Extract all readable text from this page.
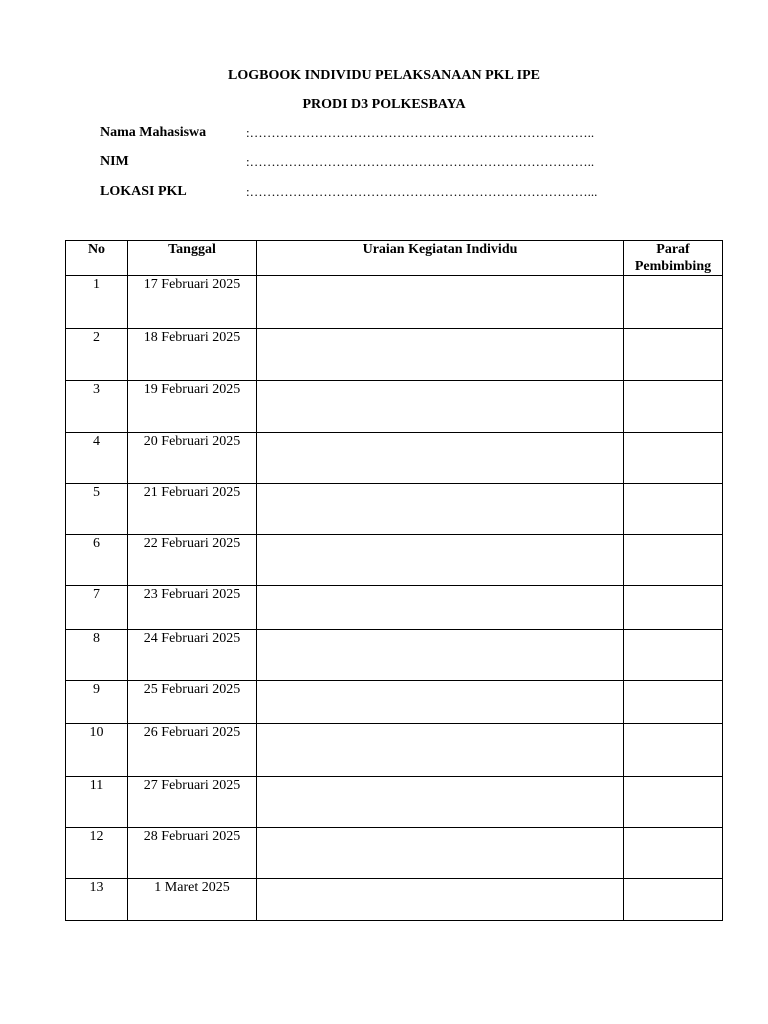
LOGBOOK INDIVIDU PELAKSANAAN PKL IPE
PRODI D3 POLKESBAYA
Nama Mahasiswa	:……………………………………………………………………..
NIM	:……………………………………………………………………..
LOKASI PKL	:……………………………………………………………………...
No	Tanggal	Uraian Kegiatan Individu	Paraf
Pembimbing
1	17 Februari 2025		
2	18 Februari 2025		
3	19 Februari 2025		
4	20 Februari 2025		
5	21 Februari 2025		
6	22 Februari 2025		
7	23 Februari 2025		
8	24 Februari 2025		
9	25 Februari 2025		
10	26 Februari 2025		
11	27 Februari 2025		
12	28 Februari 2025		
13	1 Maret 2025		
